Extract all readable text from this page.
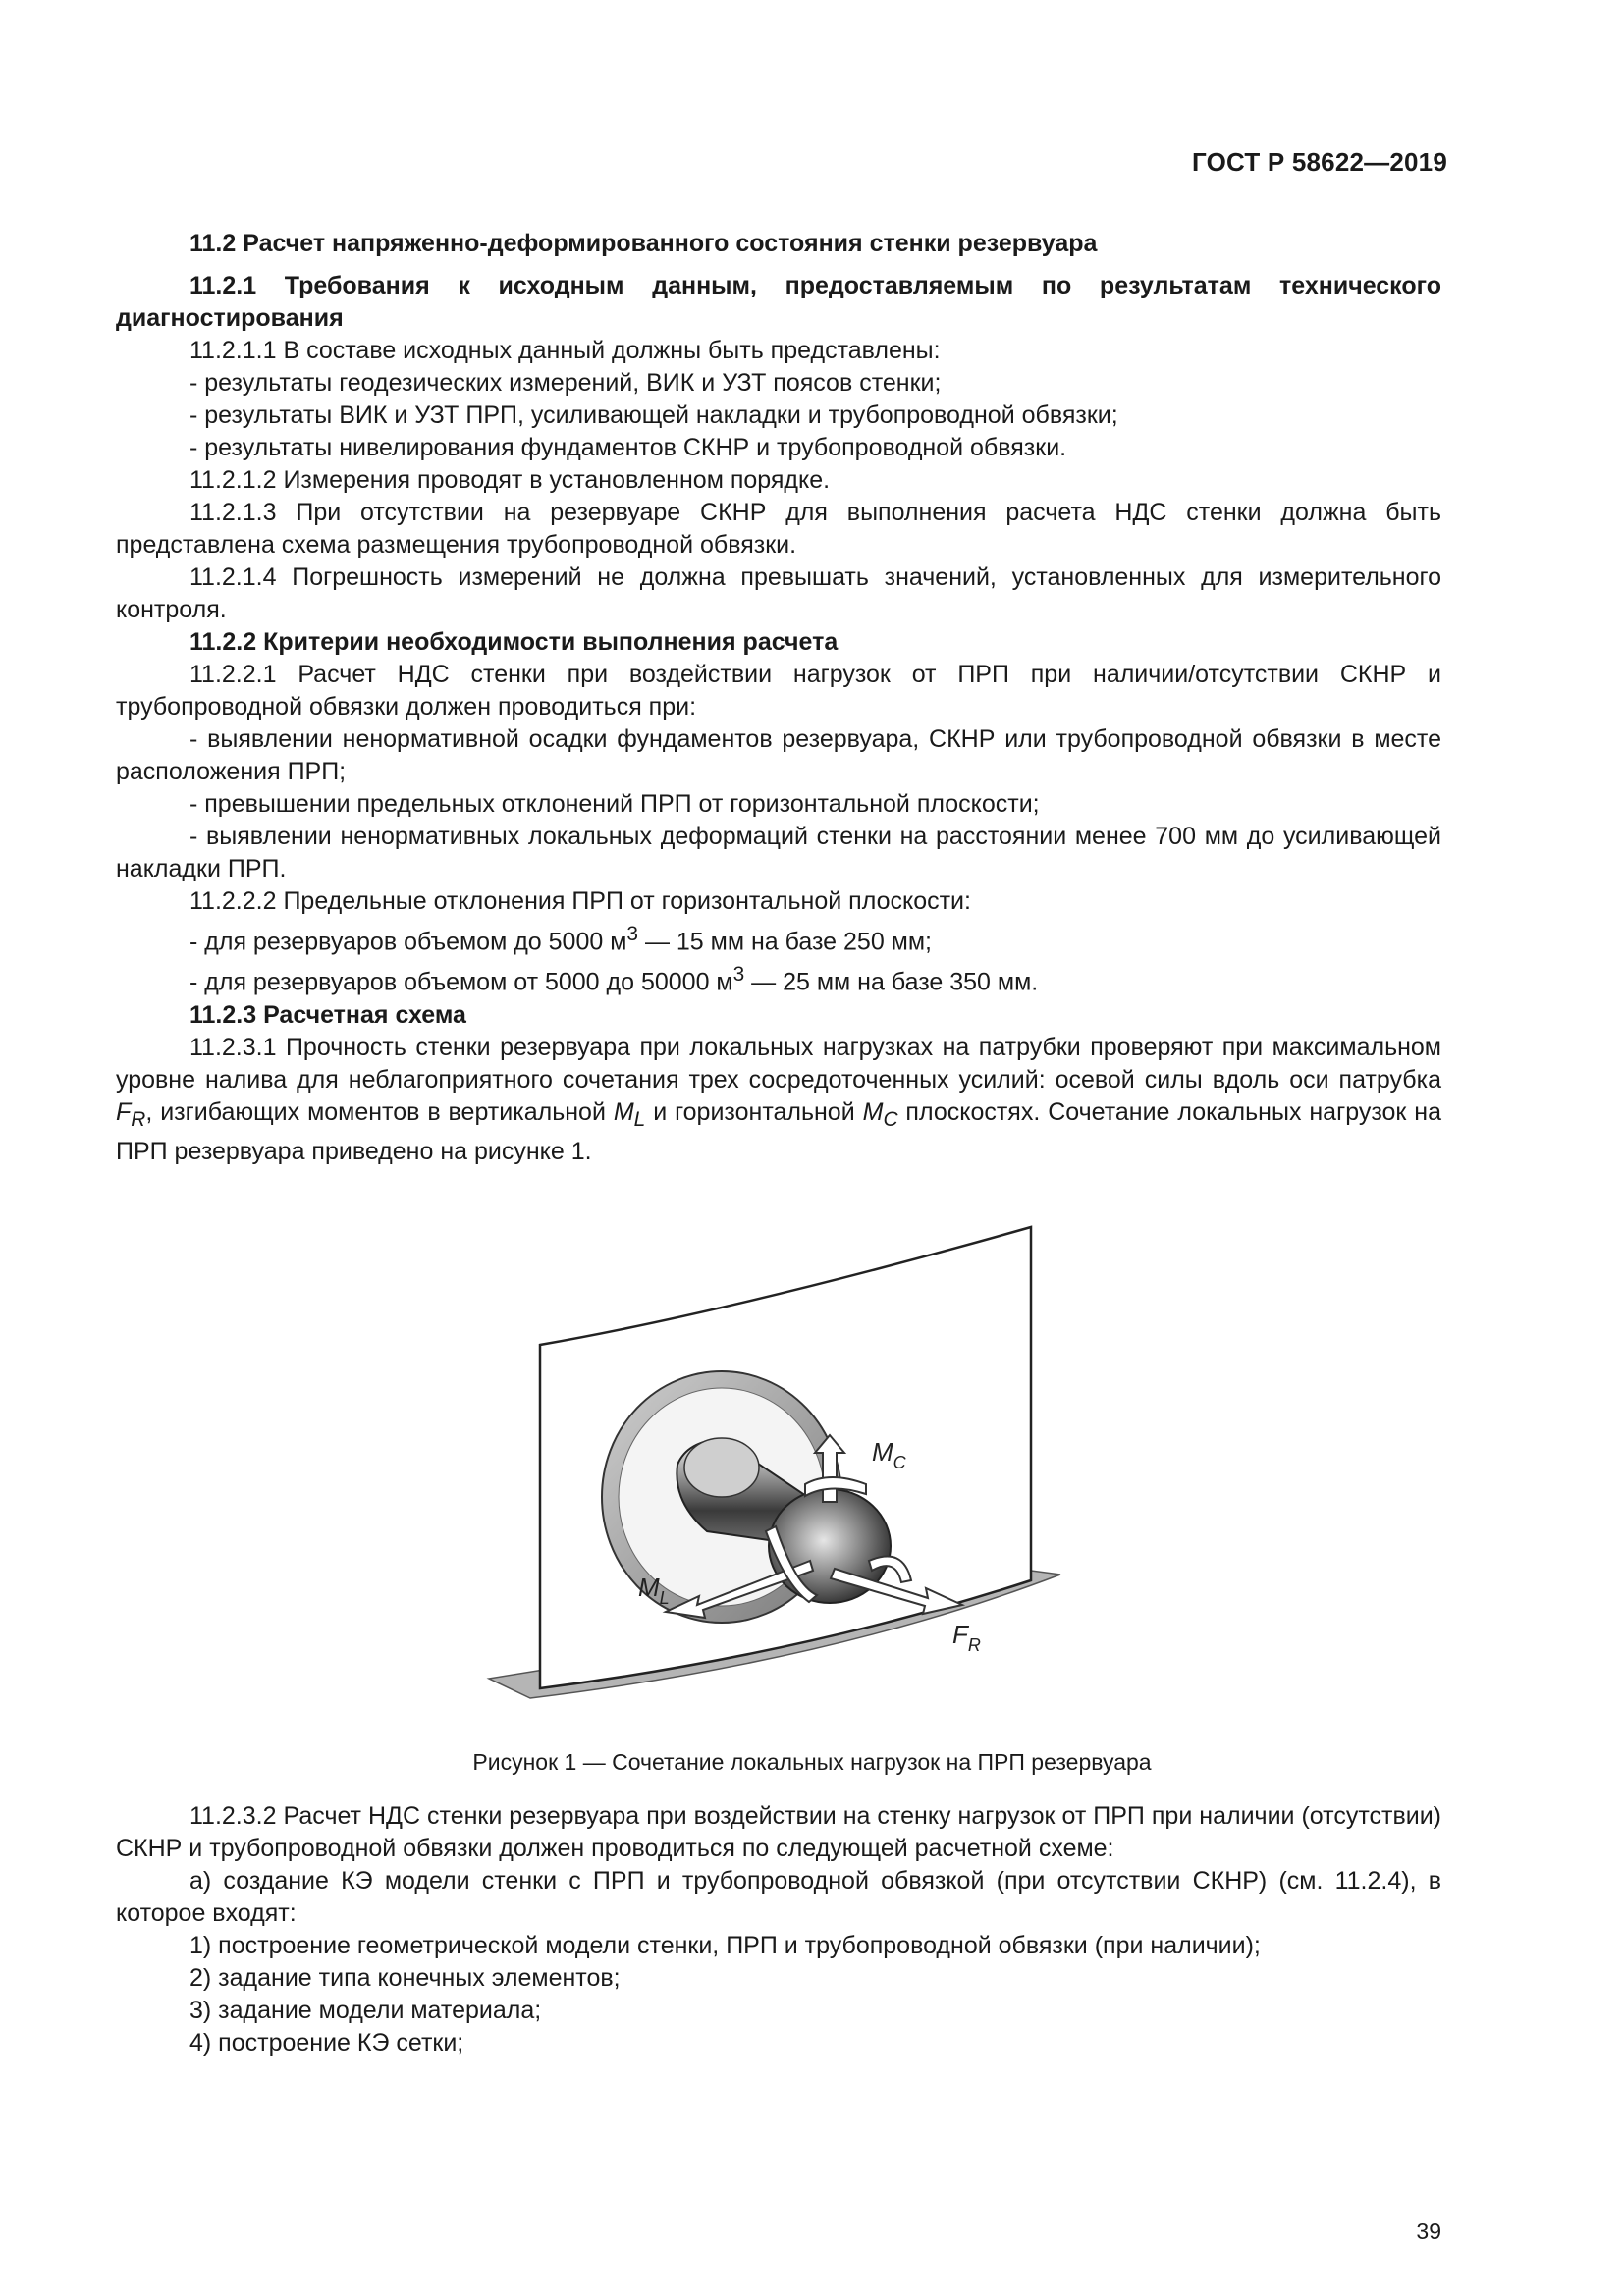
ГОСТ Р 58622—2019

11.2 Расчет напряженно-деформированного состояния стенки резервуара

11.2.1 Требования к исходным данным, предоставляемым по результатам технического диагностирования

11.2.1.1 В составе исходных данный должны быть представлены:

- результаты геодезических измерений, ВИК и УЗТ поясов стенки;

- результаты ВИК и УЗТ ПРП, усиливающей накладки и трубопроводной обвязки;

- результаты нивелирования фундаментов СКНР и трубопроводной обвязки.

11.2.1.2 Измерения проводят в установленном порядке.

11.2.1.3 При отсутствии на резервуаре СКНР для выполнения расчета НДС стенки должна быть представлена схема размещения трубопроводной обвязки.

11.2.1.4 Погрешность измерений не должна превышать значений, установленных для измерительного контроля.

11.2.2 Критерии необходимости выполнения расчета

11.2.2.1 Расчет НДС стенки при воздействии нагрузок от ПРП при наличии/отсутствии СКНР и трубопроводной обвязки должен проводиться при:

- выявлении ненормативной осадки фундаментов резервуара, СКНР или трубопроводной обвязки в месте расположения ПРП;

- превышении предельных отклонений ПРП от горизонтальной плоскости;

- выявлении ненормативных локальных деформаций стенки на расстоянии менее 700 мм до усиливающей накладки ПРП.

11.2.2.2 Предельные отклонения ПРП от горизонтальной плоскости:

- для резервуаров объемом до 5000 $м^3$ — 15 мм на базе 250 мм;

- для резервуаров объемом от 5000 до 50000 $м^3$ — 25 мм на базе 350 мм.

11.2.3 Расчетная схема

11.2.3.1 Прочность стенки резервуара при локальных нагрузках на патрубки проверяют при максимальном уровне налива для неблагоприятного сочетания трех сосредоточенных усилий: осевой силы вдоль оси патрубка $F_R$, изгибающих моментов в вертикальной $M_L$ и горизонтальной $M_C$ плоскостях. Сочетание локальных нагрузок на ПРП резервуара приведено на рисунке 1.

$M_C$
$M_L$
$F_R$
Рисунок 1 — Сочетание локальных нагрузок на ПРП резервуара

11.2.3.2 Расчет НДС стенки резервуара при воздействии на стенку нагрузок от ПРП при наличии (отсутствии) СКНР и трубопроводной обвязки должен проводиться по следующей расчетной схеме:

а) создание КЭ модели стенки с ПРП и трубопроводной обвязкой (при отсутствии СКНР) (см. 11.2.4), в которое входят:

1) построение геометрической модели стенки, ПРП и трубопроводной обвязки (при наличии);

2) задание типа конечных элементов;

3) задание модели материала;

4) построение КЭ сетки;

39
